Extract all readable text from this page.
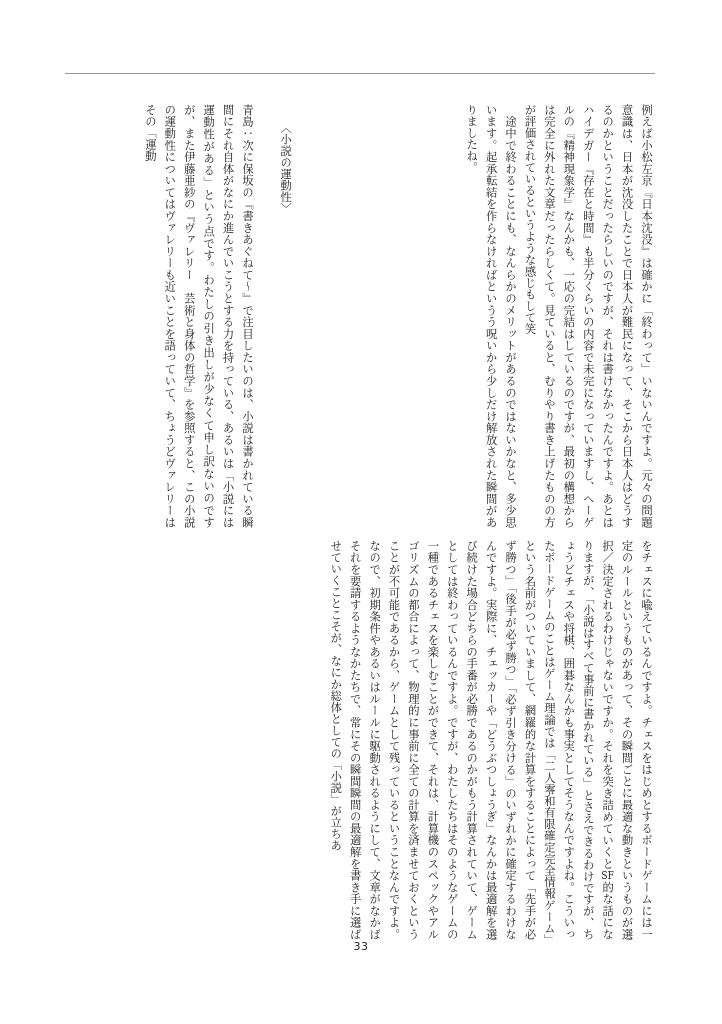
例えば小松左京『日本沈没』は確かに「終わって」いないんですよ。元々の問題意識は、日本が沈没したことで日本人が難民になって、そこから日本人はどうするのかということだったらしいのですが、それは書けなかったんですよ。あとはハイデガー『存在と時間』も半分くらいの内容で未完になっていますし、ヘーゲルの『精神現象学』なんかも、一応の完結はしているのですが、最初の構想からは完全に外れた文章だったらしくて。見ていると、むりやり書き上げたものの方が評価されているというような感じもして笑
　途中で終わることにも、なんらかのメリットがあるのではないかなと、多少思います。起承転結を作らなければというう呪いから少しだけ解放された瞬間がありましたね。
〈小説の運動性〉
青島：次に保坂の『書きあぐねて〜』で注目したいのは、小説は書かれている瞬間にそれ自体がなにか進んでいこうとする力を持っている、あるいは「小説には運動性がある」という点です。わたしの引き出しが少なくて申し訳ないのですが、また伊藤亜紗の『ヴァレリー　芸術と身体の哲学』を参照すると、この小説の運動性についてはヴァレリーも近いことを語っていて、ちょうどヴァレリーはその「運動
をチェスに喩えているんですよ。チェスをはじめとするボードゲームには一定のルールというものがあって、その瞬間ごとに最適な動きというものが選択／決定されるわけじゃないですか。それを突き詰めていくとSF的な話になりますが、「小説はすべて事前に書かれている」とさえできるわけですが、ちょうどチェスや将棋、囲碁なんかも事実としてそうなんですよね。こういったボードゲームのことはゲーム理論では「二人零和有限確定完全情報ゲーム」という名前がついていまして、網羅的な計算をすることによって「先手が必ず勝つ」「後手が必ず勝つ」「必ず引き分ける」のいずれかに確定するわけなんですよ。実際に、チェッカーや「どうぶつしょうぎ」なんかは最適解を選び続けた場合どちらの手番が必勝であるのかがもう計算されていて、ゲームとしては終わっているんですよ。ですが、わたしたちはそのようなゲームの一種であるチェスを楽しむことができて、それは、計算機のスペックやアルゴリズムの都合によって、物理的に事前に全ての計算を済ませておくということが不可能であるから、ゲームとして残っているということなんですよ。なので、初期条件やあるいはルールに駆動されるようにして、文章がなかばそれを要請するようなかたちで、常にその瞬間瞬間の最適解を書き手に選ばせていくことこそが、なにか総体としての「小説」が立ちあ
33
